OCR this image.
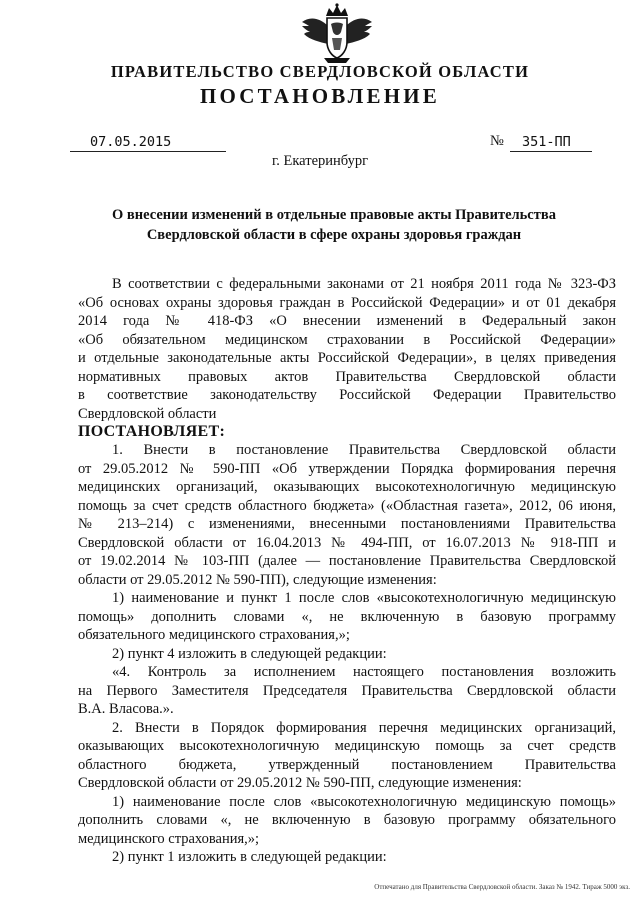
ПРАВИТЕЛЬСТВО СВЕРДЛОВСКОЙ ОБЛАСТИ
ПОСТАНОВЛЕНИЕ
07.05.2015	№	351-ПП
г. Екатеринбург
О внесении изменений в отдельные правовые акты Правительства
Свердловской области в сфере охраны здоровья граждан

В соответствии с федеральными законами от 21 ноября 2011 года № 323-ФЗ

«Об основах охраны здоровья граждан в Российской Федерации» и от 01 декабря

2014 года № 418-ФЗ «О внесении изменений в Федеральный закон

«Об обязательном медицинском страховании в Российской Федерации»

и отдельные законодательные акты Российской Федерации», в целях приведения

нормативных правовых актов Правительства Свердловской области

в соответствие законодательству Российской Федерации Правительство

Свердловской области

ПОСТАНОВЛЯЕТ:

1. Внести в постановление Правительства Свердловской области

от 29.05.2012 № 590-ПП «Об утверждении Порядка формирования перечня

медицинских организаций, оказывающих высокотехнологичную медицинскую

помощь за счет средств областного бюджета» («Областная газета», 2012, 06 июня,

№ 213–214) с изменениями, внесенными постановлениями Правительства

Свердловской области от 16.04.2013 № 494-ПП, от 16.07.2013 № 918-ПП и

от 19.02.2014 № 103-ПП (далее — постановление Правительства Свердловской

области от 29.05.2012 № 590-ПП), следующие изменения:

1) наименование и пункт 1 после слов «высокотехнологичную медицинскую

помощь» дополнить словами «, не включенную в базовую программу

обязательного медицинского страхования,»;

2) пункт 4 изложить в следующей редакции:

«4. Контроль за исполнением настоящего постановления возложить

на Первого Заместителя Председателя Правительства Свердловской области

В.А. Власова.».

2. Внести в Порядок формирования перечня медицинских организаций,

оказывающих высокотехнологичную медицинскую помощь за счет средств

областного бюджета, утвержденный постановлением Правительства

Свердловской области от 29.05.2012 № 590-ПП, следующие изменения:

1) наименование после слов «высокотехнологичную медицинскую помощь»

дополнить словами «, не включенную в базовую программу обязательного

медицинского страхования,»;

2) пункт 1 изложить в следующей редакции:

Отпечатано для Правительства Свердловской области. Заказ № 1942. Тираж 5000 экз.
